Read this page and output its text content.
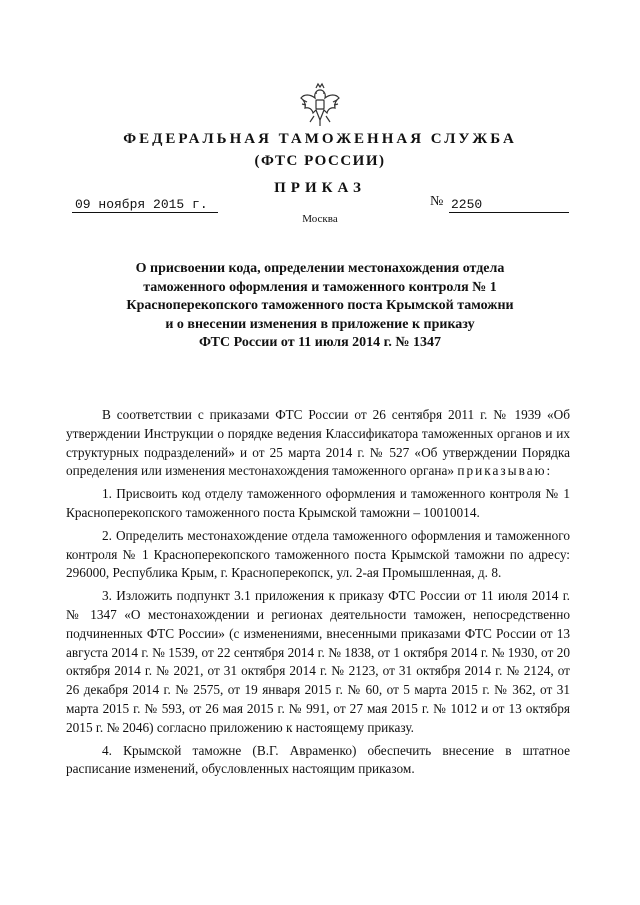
ФЕДЕРАЛЬНАЯ ТАМОЖЕННАЯ СЛУЖБА
(ФТС РОССИИ)
ПРИКАЗ
09 ноября 2015 г.	№ 2250
Москва
О присвоении кода, определении местонахождения отдела
таможенного оформления и таможенного контроля № 1
Красноперекопского таможенного поста Крымской таможни
и о внесении изменения в приложение к приказу
ФТС России от 11 июля 2014 г. № 1347

В соответствии с приказами ФТС России от 26 сентября 2011 г. № 1939 «Об утверждении Инструкции о порядке ведения Классификатора таможенных органов и их структурных подразделений» и от 25 марта 2014 г. № 527 «Об утверждении Порядка определения или изменения местонахождения таможенного органа» приказываю:

1. Присвоить код отделу таможенного оформления и таможенного контроля № 1 Красноперекопского таможенного поста Крымской таможни – 10010014.

2. Определить местонахождение отдела таможенного оформления и таможенного контроля № 1 Красноперекопского таможенного поста Крымской таможни по адресу: 296000, Республика Крым, г. Красноперекопск, ул. 2-ая Промышленная, д. 8.

3. Изложить подпункт 3.1 приложения к приказу ФТС России от 11 июля 2014 г. № 1347 «О местонахождении и регионах деятельности таможен, непосредственно подчиненных ФТС России» (с изменениями, внесенными приказами ФТС России от 13 августа 2014 г. № 1539, от 22 сентября 2014 г. № 1838, от 1 октября 2014 г. № 1930, от 20 октября 2014 г. № 2021, от 31 октября 2014 г. № 2123, от 31 октября 2014 г. № 2124, от 26 декабря 2014 г. № 2575, от 19 января 2015 г. № 60, от 5 марта 2015 г. № 362, от 31 марта 2015 г. № 593, от 26 мая 2015 г. № 991, от 27 мая 2015 г. № 1012 и от 13 октября 2015 г. № 2046) согласно приложению к настоящему приказу.

4. Крымской таможне (В.Г. Авраменко) обеспечить внесение в штатное расписание изменений, обусловленных настоящим приказом.
